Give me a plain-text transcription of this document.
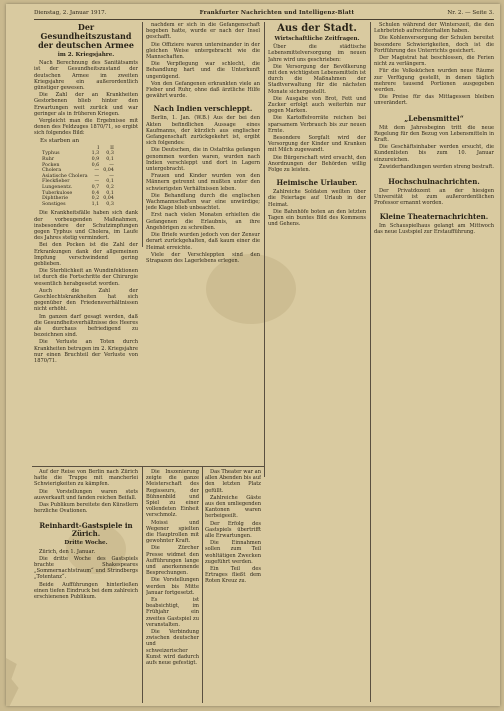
Dienstag, 2. Januar 1917.	Frankfurter Nachrichten und Intelligenz-Blatt	Nr. 2. — Seite 3.
Der Gesundheitszustand der deutschen Armee
im 2. Kriegsjahre.

Nach Berechnung des Sanitätsamts ist der Gesundheitszustand der deutschen Armee im zweiten Kriegsjahre ein außerordentlich günstiger gewesen.

Die Zahl der an Krankheiten Gestorbenen blieb hinter den Erwartungen weit zurück und war geringer als in früheren Kriegen.

Vergleicht man die Ergebnisse mit denen des Feldzuges 1870/71, so ergibt sich folgendes Bild:

Es starben an
	I	II
Typhus	1,3	0,3
Ruhr	0,9	0,1
Pocken	0,6	—
Cholera	—	0,04
Asiatische Cholera	—	—
Fleckfieber	—	0,1
Lungenentz.	0,7	0,2
Tuberkulose	0,4	0,1
Diphtherie	0,2	0,04
Sonstiges	1,1	0,3

Die Krankheitsfälle haben sich dank der vorbeugenden Maßnahmen, insbesondere der Schutzimpfungen gegen Typhus und Cholera, im Laufe des Jahres stetig vermindert.

Bei den Pocken ist die Zahl der Erkrankungen dank der allgemeinen Impfung verschwindend gering geblieben.

Die Sterblichkeit an Wundinfektionen ist durch die Fortschritte der Chirurgie wesentlich herabgesetzt worden.

Auch die Zahl der Geschlechtskrankheiten hat sich gegenüber den Friedensverhältnissen nicht erhöht.

Im ganzen darf gesagt werden, daß die Gesundheitsverhältnisse des Heeres als durchaus befriedigend zu bezeichnen sind.

Die Verluste an Toten durch Krankheiten betrugen im 2. Kriegsjahre nur einen Bruchteil der Verluste von 1870/71.

nachdem er sich in die Gefangenschaft begeben hatte, wurde er nach der Insel geschafft.

Die Offiziere waren untereinander in der gleichen Weise untergebracht wie die Mannschaften.

Die Verpflegung war schlecht, die Behandlung hart und die Unterkunft ungenügend.

Von den Gefangenen erkrankten viele an Fieber und Ruhr, ohne daß ärztliche Hilfe gewährt wurde.

Nach Indien verschleppt.

Berlin, 1. Jan. (W.B.) Aus der bei den Akten befindlichen Aussage eines Kaufmanns, der kürzlich aus englischer Gefangenschaft zurückgekehrt ist, ergibt sich folgendes:

Die Deutschen, die in Ostafrika gefangen genommen worden waren, wurden nach Indien verschleppt und dort in Lagern untergebracht.

Frauen und Kinder wurden von den Männern getrennt und mußten unter den schwierigsten Verhältnissen leben.

Die Behandlung durch die englischen Wachmannschaften war eine unwürdige; jede Klage blieb unbeachtet.

Erst nach vielen Monaten erhielten die Gefangenen die Erlaubnis, an ihre Angehörigen zu schreiben.

Die Briefe wurden jedoch von der Zensur derart zurückgehalten, daß kaum einer die Heimat erreichte.

Viele der Verschleppten sind den Strapazen des Lagerlebens erlegen.

Aus der Stadt.
Wirtschaftliche Zeitfragen.

Über die städtische Lebensmittelversorgung im neuen Jahre wird uns geschrieben:

Die Versorgung der Bevölkerung mit den wichtigsten Lebensmitteln ist durch die Maßnahmen der Stadtverwaltung für die nächsten Monate sichergestellt.

Die Ausgabe von Brot, Fett und Zucker erfolgt auch weiterhin nur gegen Marken.

Die Kartoffelvorräte reichen bei sparsamem Verbrauch bis zur neuen Ernte.

Besondere Sorgfalt wird der Versorgung der Kinder und Kranken mit Milch zugewandt.

Die Bürgerschaft wird ersucht, den Anordnungen der Behörden willig Folge zu leisten.

Heimische Urlauber.

Zahlreiche Soldaten weilten über die Feiertage auf Urlaub in der Heimat.

Die Bahnhöfe boten an den letzten Tagen ein buntes Bild des Kommens und Gehens.

Schulen während der Winterszeit, die den Lehrbetrieb aufrechterhalten haben.

Die Kohlenversorgung der Schulen bereitet besondere Schwierigkeiten, doch ist die Fortführung des Unterrichts gesichert.

Der Magistrat hat beschlossen, die Ferien nicht zu verlängern.

Für die Volksküchen wurden neue Räume zur Verfügung gestellt, in denen täglich mehrere tausend Portionen ausgegeben werden.

Die Preise für das Mittagessen bleiben unverändert.

„Lebensmittel“

Mit dem Jahresbeginn tritt die neue Regelung für den Bezug von Lebensmitteln in Kraft.

Die Geschäftsinhaber werden ersucht, die Kundenlisten bis zum 10. Januar einzureichen.

Zuwiderhandlungen werden streng bestraft.

Hochschulnachrichten.

Der Privatdozent an der hiesigen Universität ist zum außerordentlichen Professor ernannt worden.

Kleine Theaternachrichten.

Im Schauspielhaus gelangt am Mittwoch das neue Lustspiel zur Erstaufführung.

Auf der Reise von Berlin nach Zürich hatte die Truppe mit mancherlei Schwierigkeiten zu kämpfen.

Die Vorstellungen waren stets ausverkauft und fanden reichen Beifall.

Das Publikum bereitete den Künstlern herzliche Ovationen.

Reinhardt-Gastspiele in Zürich.
Dritte Woche.

Zürich, den 1. Januar.

Die dritte Woche des Gastspiels brachte Shakespeares „Sommernachtstraum“ und Strindbergs „Totentanz“.

Beide Aufführungen hinterließen einen tiefen Eindruck bei dem zahlreich erschienenen Publikum.

Die Inszenierung zeigte die ganze Meisterschaft des Regisseurs, der Bühnenbild und Spiel zu einer vollendeten Einheit verschmolz.

Moissi und Wegener spielten die Hauptrollen mit gewohnter Kraft.

Die Zürcher Presse widmet den Aufführungen lange und anerkennende Besprechungen.

Die Vorstellungen werden bis Mitte Januar fortgesetzt.

Es ist beabsichtigt, im Frühjahr ein zweites Gastspiel zu veranstalten.

Die Verbindung zwischen deutscher und schweizerischer Kunst wird dadurch aufs neue gefestigt.

Das Theater war an allen Abenden bis auf den letzten Platz gefüllt.

Zahlreiche Gäste aus den umliegenden Kantonen waren herbeigeeilt.

Der Erfolg des Gastspiels übertrifft alle Erwartungen.

Die Einnahmen sollen zum Teil wohltätigen Zwecken zugeführt werden.

Ein Teil des Ertrages fließt dem Roten Kreuz zu.
